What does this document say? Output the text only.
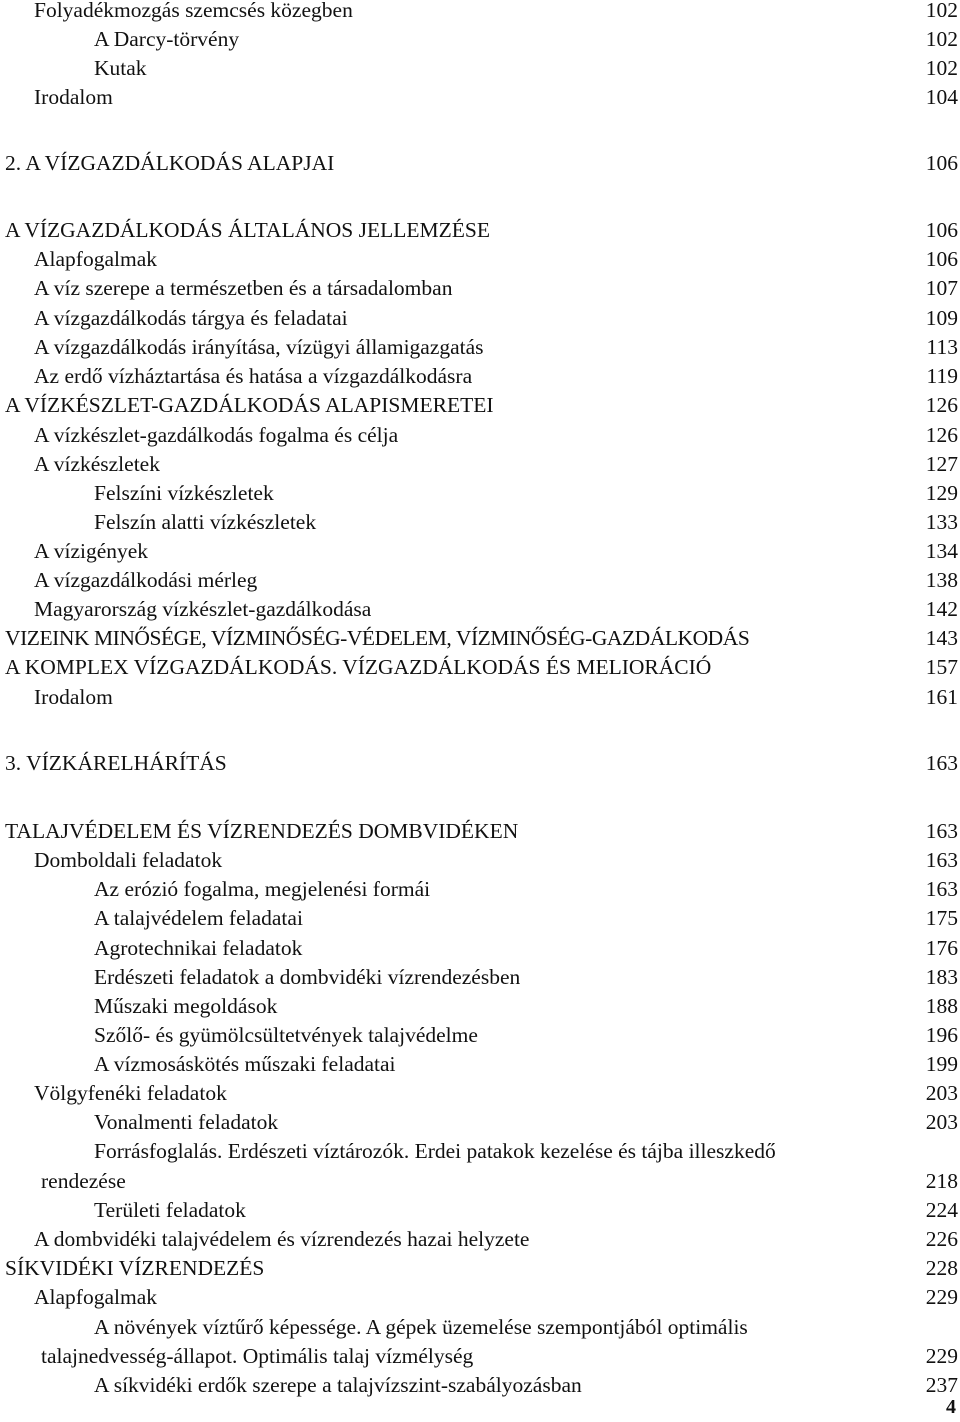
Folyadékmozgás szemcsés közegben	102
A Darcy-törvény	102
Kutak	102
Irodalom	104
2. A VÍZGAZDÁLKODÁS ALAPJAI	106
A VÍZGAZDÁLKODÁS ÁLTALÁNOS JELLEMZÉSE	106
Alapfogalmak	106
A víz szerepe a természetben és a társadalomban	107
A vízgazdálkodás tárgya és feladatai	109
A vízgazdálkodás irányítása, vízügyi államigazgatás	113
Az erdő vízháztartása és hatása a vízgazdálkodásra	119
A VÍZKÉSZLET-GAZDÁLKODÁS ALAPISMERETEI	126
A vízkészlet-gazdálkodás fogalma és célja	126
A vízkészletek	127
Felszíni vízkészletek	129
Felszín alatti vízkészletek	133
A vízigények	134
A vízgazdálkodási mérleg	138
Magyarország vízkészlet-gazdálkodása	142
VIZEINK MINŐSÉGE, VÍZMINŐSÉG-VÉDELEM, VÍZMINŐSÉG-GAZDÁLKODÁS	143
A KOMPLEX VÍZGAZDÁLKODÁS. VÍZGAZDÁLKODÁS ÉS MELIORÁCIÓ	157
Irodalom	161
3. VÍZKÁRELHÁRÍTÁS	163
TALAJVÉDELEM ÉS VÍZRENDEZÉS DOMBVIDÉKEN	163
Domboldali feladatok	163
Az erózió fogalma, megjelenési formái	163
A talajvédelem feladatai	175
Agrotechnikai feladatok	176
Erdészeti feladatok a dombvidéki vízrendezésben	183
Műszaki megoldások	188
Szőlő- és gyümölcsültetvények talajvédelme	196
A vízmosáskötés műszaki feladatai	199
Völgyfenéki feladatok	203
Vonalmenti feladatok	203
Forrásfoglalás. Erdészeti víztározók. Erdei patakok kezelése és tájba illeszkedő
rendezése	218
Területi feladatok	224
A dombvidéki talajvédelem és vízrendezés hazai helyzete	226
SÍKVIDÉKI VÍZRENDEZÉS	228
Alapfogalmak	229
A növények víztűrő képessége. A gépek üzemelése szempontjából optimális
talajnedvesség-állapot. Optimális talaj vízmélység	229
A síkvidéki erdők szerepe a talajvízszint-szabályozásban	237
4
